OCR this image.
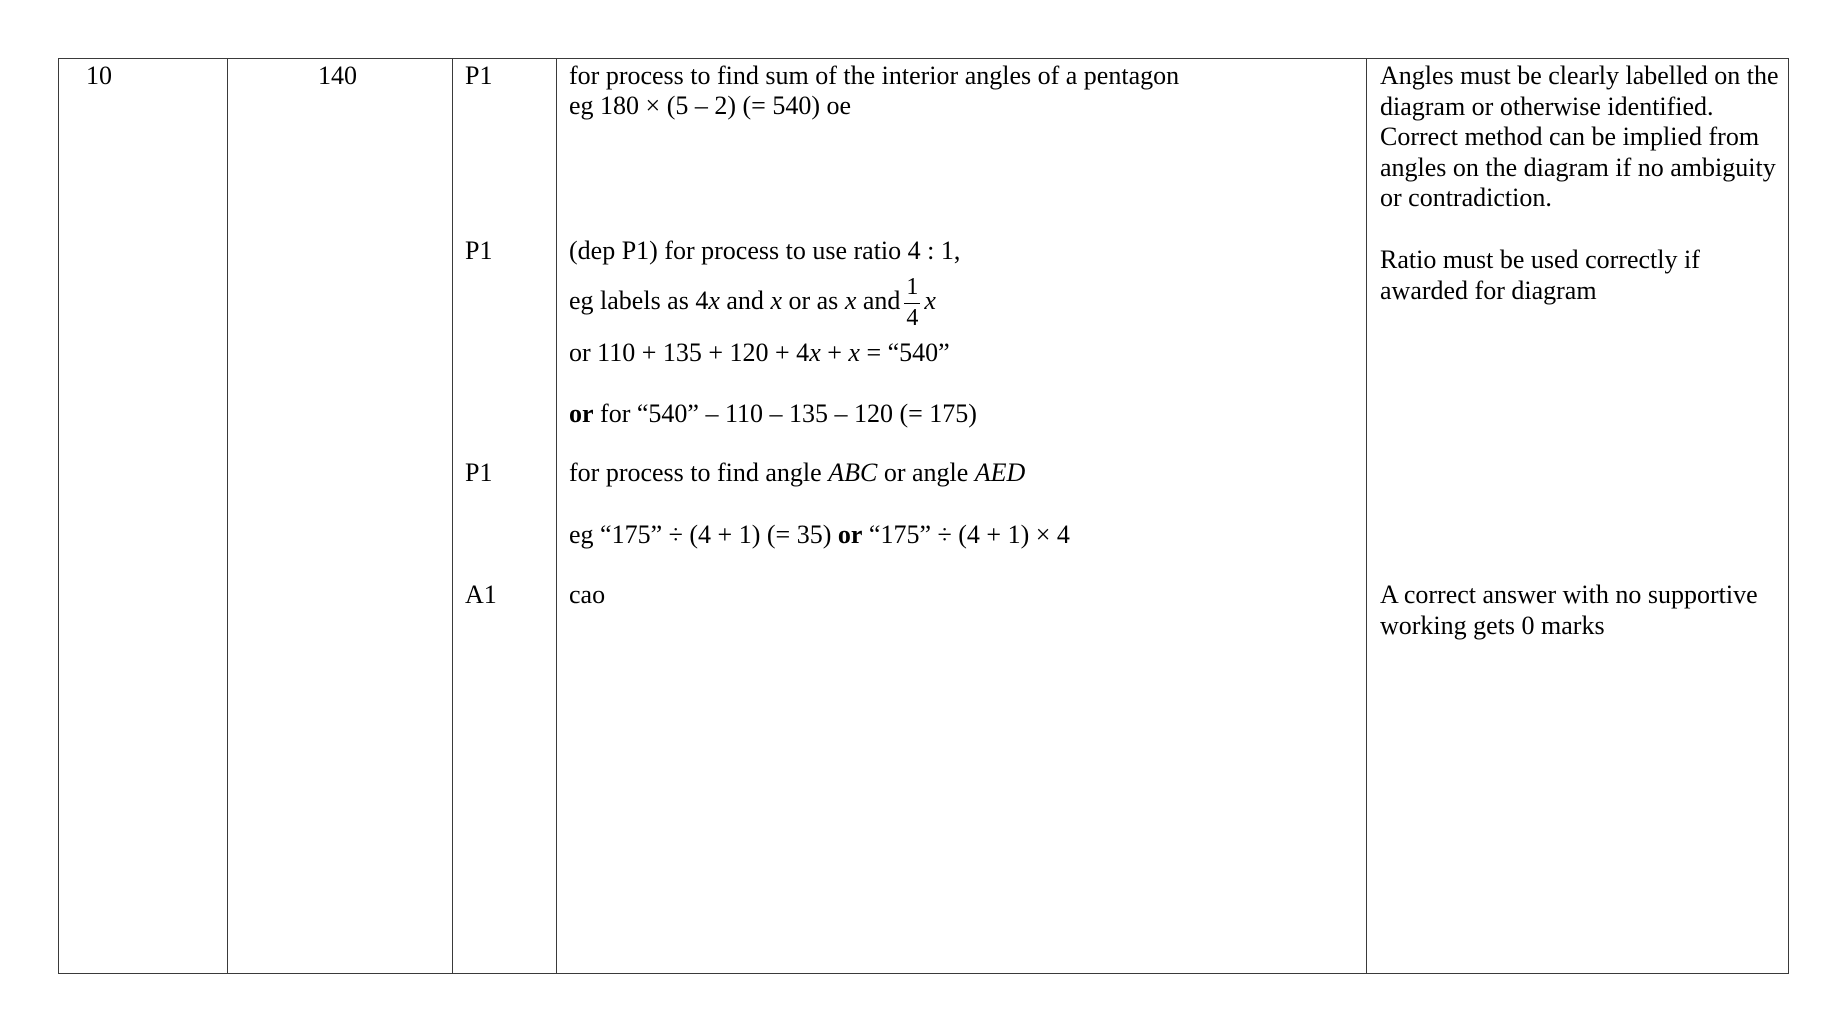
10	140	P1
P1
P1
A1
for process to find sum of the interior angles of a pentagon
eg 180 × (5 – 2) (= 540) oe
(dep P1) for process to use ratio 4 : 1,
eg labels as 4x and x or as x and $\frac{1}{4}$ x
or 110 + 135 + 120 + 4x + x = “540”
or for “540” – 110 – 135 – 120 (= 175)
for process to find angle ABC or angle AED
eg “175” ÷ (4 + 1) (= 35) or “175” ÷ (4 + 1) × 4
cao
Angles must be clearly labelled on the diagram or otherwise identified. Correct method can be implied from angles on the diagram if no ambiguity or contradiction.
Ratio must be used correctly if awarded for diagram
A correct answer with no supportive working gets 0 marks
